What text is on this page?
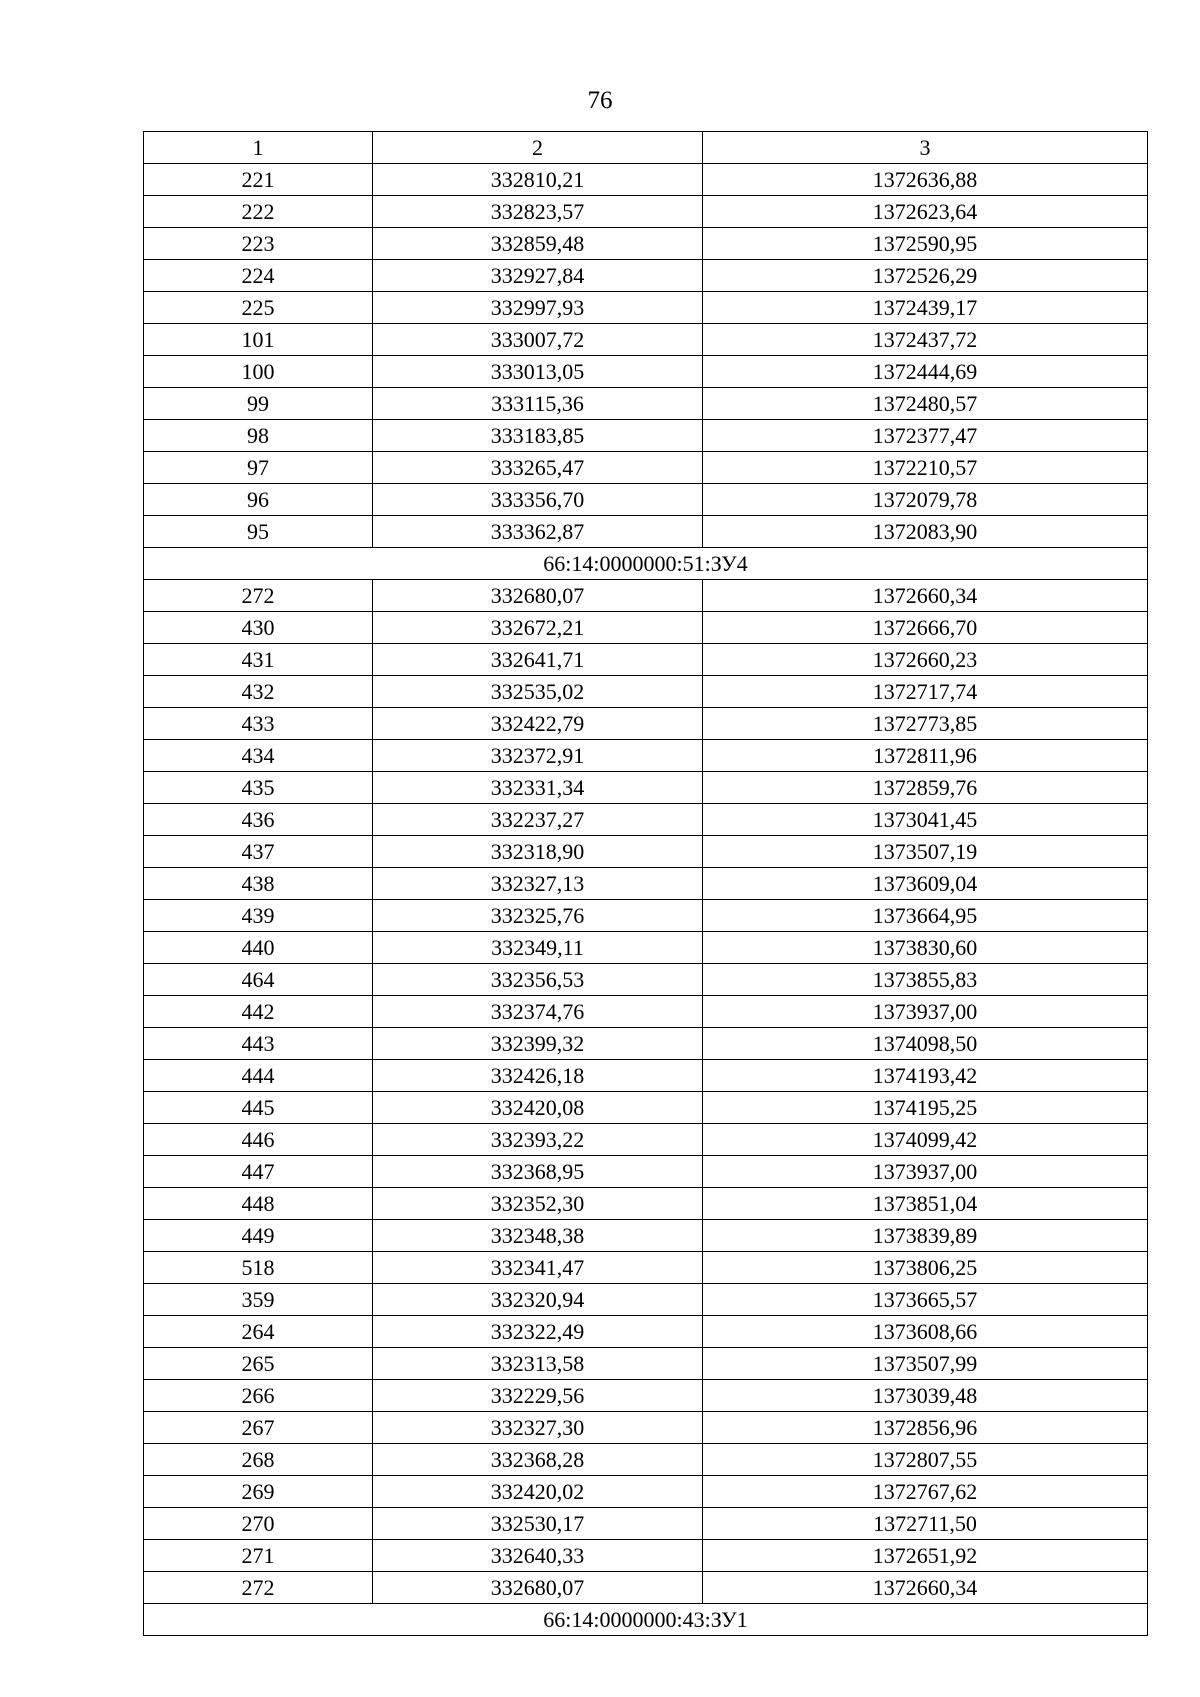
76
1	2	3
221	332810,21	1372636,88
222	332823,57	1372623,64
223	332859,48	1372590,95
224	332927,84	1372526,29
225	332997,93	1372439,17
101	333007,72	1372437,72
100	333013,05	1372444,69
99	333115,36	1372480,57
98	333183,85	1372377,47
97	333265,47	1372210,57
96	333356,70	1372079,78
95	333362,87	1372083,90
66:14:0000000:51:ЗУ4		
272	332680,07	1372660,34
430	332672,21	1372666,70
431	332641,71	1372660,23
432	332535,02	1372717,74
433	332422,79	1372773,85
434	332372,91	1372811,96
435	332331,34	1372859,76
436	332237,27	1373041,45
437	332318,90	1373507,19
438	332327,13	1373609,04
439	332325,76	1373664,95
440	332349,11	1373830,60
464	332356,53	1373855,83
442	332374,76	1373937,00
443	332399,32	1374098,50
444	332426,18	1374193,42
445	332420,08	1374195,25
446	332393,22	1374099,42
447	332368,95	1373937,00
448	332352,30	1373851,04
449	332348,38	1373839,89
518	332341,47	1373806,25
359	332320,94	1373665,57
264	332322,49	1373608,66
265	332313,58	1373507,99
266	332229,56	1373039,48
267	332327,30	1372856,96
268	332368,28	1372807,55
269	332420,02	1372767,62
270	332530,17	1372711,50
271	332640,33	1372651,92
272	332680,07	1372660,34
66:14:0000000:43:ЗУ1		
